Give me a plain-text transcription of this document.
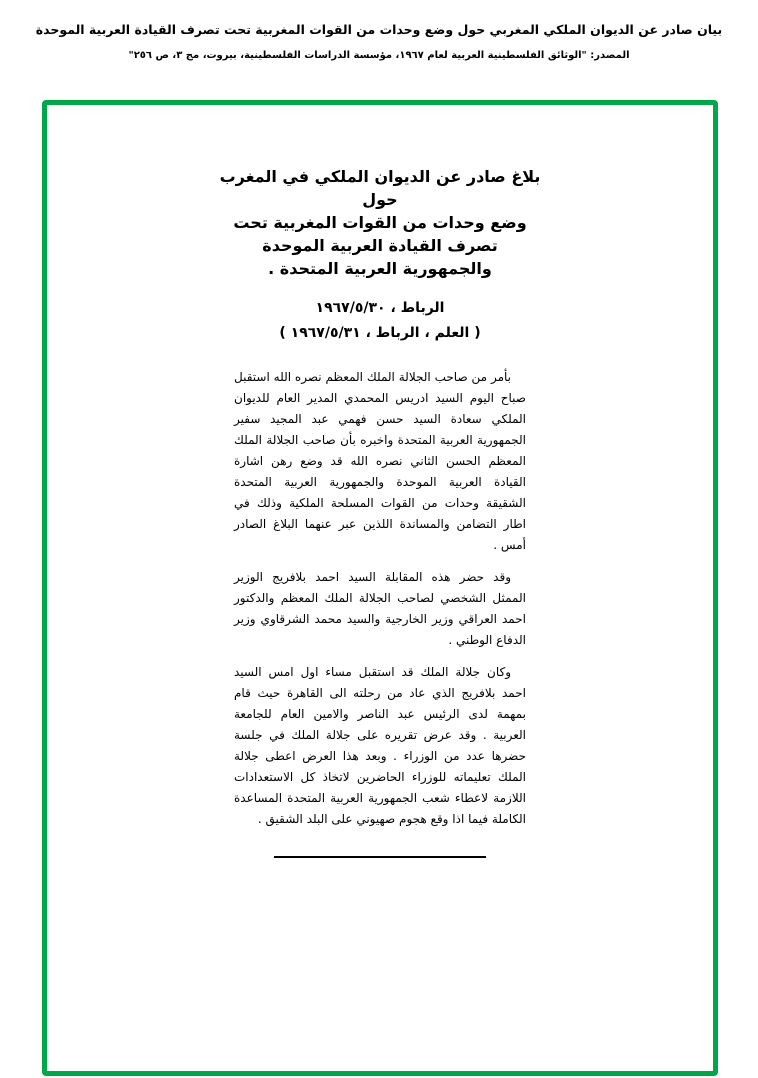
بيان صادر عن الديوان الملكي المغربي حول وضع وحدات من القوات المغربية تحت تصرف القيادة العربية الموحدة
المصدر: "الوثائق الفلسطينية العربية لعام ١٩٦٧، مؤسسة الدراسات الفلسطينية، بيروت، مج ٣، ص ٢٥٦"
بلاغ صادر عن الديوان الملكي في المغرب حول
وضع وحدات من القوات المغربية تحت
تصرف القيادة العربية الموحدة
والجمهورية العربية المتحدة .
الرباط ، ١٩٦٧/٥/٣٠
( العلم ، الرباط ، ١٩٦٧/٥/٣١ )

بأمر من صاحب الجلالة الملك المعظم نصره الله استقبل صباح اليوم السيد ادريس المحمدي المدير العام للديوان الملكي سعادة السيد حسن فهمي عبد المجيد سفير الجمهورية العربية المتحدة واخبره بأن صاحب الجلالة الملك المعظم الحسن الثاني نصره الله قد وضع رهن اشارة القيادة العربية الموحدة والجمهورية العربية المتحدة الشقيقة وحدات من القوات المسلحة الملكية وذلك في اطار التضامن والمساندة اللذين عبر عنهما البلاغ الصادر أمس .

وقد حضر هذه المقابلة السيد احمد بلافريج الوزير الممثل الشخصي لصاحب الجلالة الملك المعظم والدكتور احمد العراقي وزير الخارجية والسيد محمد الشرقاوي وزير الدفاع الوطني .

وكان جلالة الملك قد استقبل مساء اول امس السيد احمد بلافريج الذي عاد من رحلته الى القاهرة حيث قام بمهمة لدى الرئيس عبد الناصر والامين العام للجامعة العربية . وقد عرض تقريره على جلالة الملك في جلسة حضرها عدد من الوزراء . وبعد هذا العرض اعطى جلالة الملك تعليماته للوزراء الحاضرين لاتخاذ كل الاستعدادات اللازمة لاعطاء شعب الجمهورية العربية المتحدة المساعدة الكاملة فيما اذا وقع هجوم صهيوني على البلد الشقيق .
